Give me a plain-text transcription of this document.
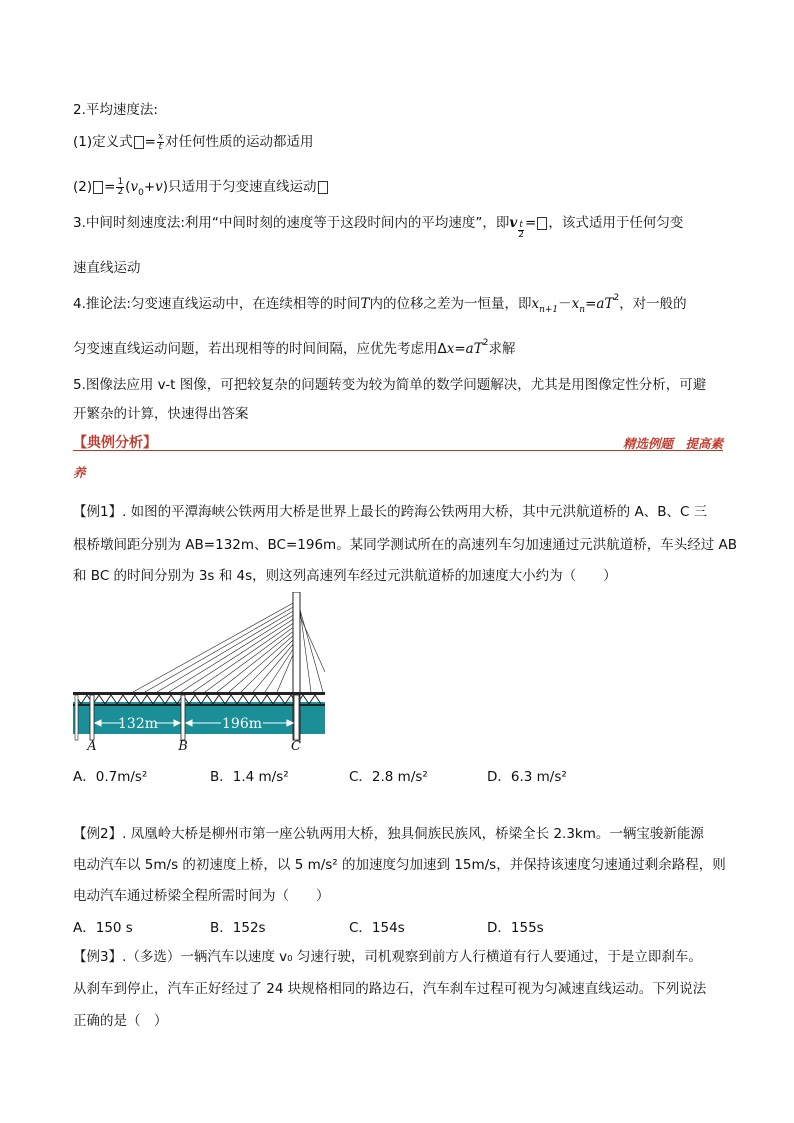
2.平均速度法:
(1)定义式 = $\frac{x}{t}$ 对任何性质的运动都适用
$(2) = \frac{1}{2} (v_0+v)$只适用于匀变速直线运动
3.中间时刻速度法:利用“中间时刻的速度等于这段时间内的平均速度”，即v $\frac{t}{2}$ = ，该式适用于任何匀变
速直线运动
4.推论法:匀变速直线运动中，在连续相等的时间T内的位移之差为一恒量，即$x_{n+1}-x_n=aT^2$，对一般的
匀变速直线运动问题，若出现相等的时间间隔，应优先考虑用$\Delta x=aT^2$求解
5.图像法应用 v-t 图像，可把较复杂的问题转变为较为简单的数学问题解决，尤其是用图像定性分析，可避
开繁杂的计算，快速得出答案
【典例分析】	精选例题　提高素
养
【例1】. 如图的平潭海峡公铁两用大桥是世界上最长的跨海公铁两用大桥，其中元洪航道桥的 A、B、C 三
根桥墩间距分别为 AB=132m、BC=196m。某同学测试所在的高速列车匀加速通过元洪航道桥，车头经过 AB
和 BC 的时间分别为 3s 和 4s，则这列高速列车经过元洪航道桥的加速度大小约为（　　）
132m	196m
A	B	C
A．0.7m/s²	B．1.4 m/s²	C．2.8 m/s²	D．6.3 m/s²
【例2】. 凤凰岭大桥是柳州市第一座公轨两用大桥，独具侗族民族风，桥梁全长 2.3km。一辆宝骏新能源
电动汽车以 5m/s 的初速度上桥，以 5 m/s² 的加速度匀加速到 15m/s，并保持该速度匀速通过剩余路程，则
电动汽车通过桥梁全程所需时间为（　　）
A．150 s	B．152s	C．154s	D．155s
【例3】.（多选）一辆汽车以速度 v₀ 匀速行驶，司机观察到前方人行横道有行人要通过，于是立即刹车。
从刹车到停止，汽车正好经过了 24 块规格相同的路边石，汽车刹车过程可视为匀减速直线运动。下列说法
正确的是（　）
